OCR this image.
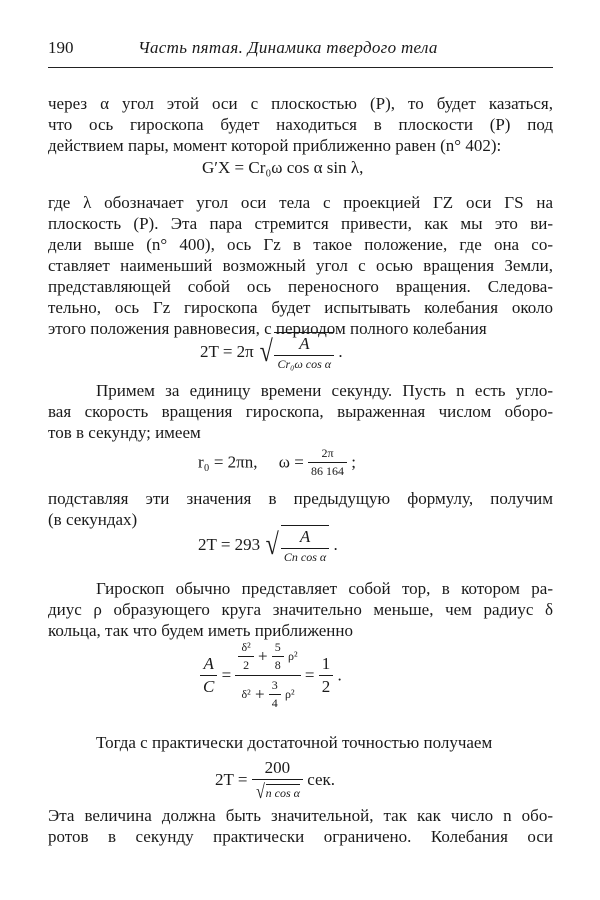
190	Часть пятая. Динамика твердого тела
через α угол этой оси с плоскостью (P), то будет казаться,
что ось гироскопа будет находиться в плоскости (P) под
действием пары, момент которой приближенно равен (n° 402):
G′X = Cr₀ω cos α sin λ,
где λ обозначает угол оси тела с проекцией ΓZ оси ΓS на
плоскость (P). Эта пара стремится привести, как мы это ви-
дели выше (n° 400), ось Γz в такое положение, где она со-
ставляет наименьший возможный угол с осью вращения Земли,
представляющей собой ось переносного вращения. Следова-
тельно, ось Γz гироскопа будет испытывать колебания около
этого положения равновесия, с периодом полного колебания
2T = 2π √ $\frac{A}{\text{Cr₀ω cos α}}$ .
Примем за единицу времени секунду. Пусть n есть угло-
вая скорость вращения гироскопа, выраженная числом оборо-
тов в секунду; имеем
r₀ = 2πn,     $\omega = \frac{2\pi}{86 164}$ ;
подставляя эти значения в предыдущую формулу, получим
(в секундах)
2T = 293 √ $\frac{A}{\text{Cn cos α}}$ .
Гироскоп обычно представляет собой тор, в котором ра-
диус ρ образующего круга значительно меньше, чем радиус δ
кольца, так что будем иметь приближенно
$\frac{A}{C}$ =
$\frac{\text{δ²}}{2} + \frac{5}{8} \rho^2$
$\delta^2 + \frac{3}{4} \rho^2$
= $\frac{1}{2}$ .
Тогда с практически достаточной точностью получаем
$2T = \frac{200}{\text{√n cos α}}$ сек.
Эта величина должна быть значительной, так как число n обо-
ротов в секунду практически ограничено. Колебания оси
